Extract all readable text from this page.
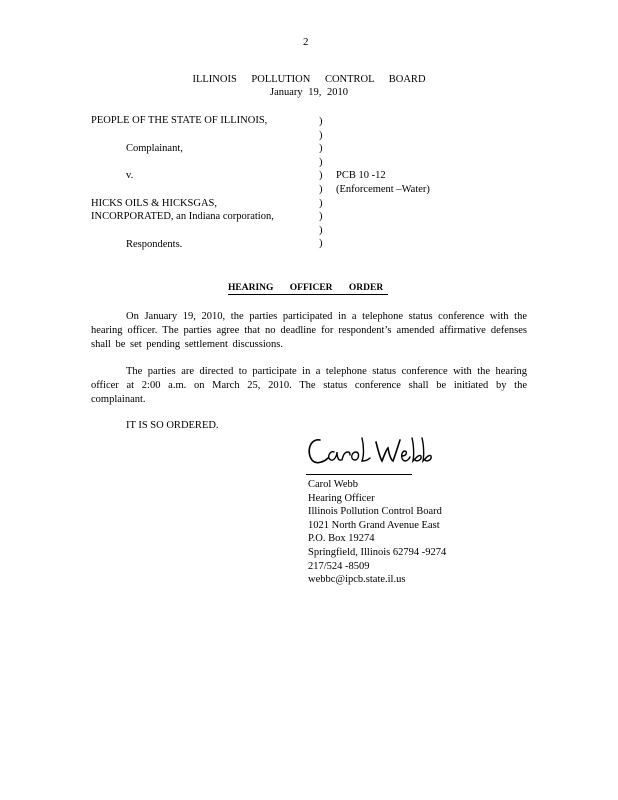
2
ILLINOIS POLLUTION CONTROL BOARD
January 19, 2010
PEOPLE OF THE STATE OF ILLINOIS,
Complainant,
v.
HICKS OILS & HICKSGAS,
INCORPORATED, an Indiana corporation,
Respondents.
)
)
)
)
)
)
)
)
)
)
PCB 10 -12
(Enforcement –Water)
HEARING OFFICER ORDER
On January 19, 2010, the parties participated in a telephone status conference with the hearing officer. The parties agree that no deadline for respondent’s amended affirmative defenses shall be set pending settlement discussions.
The parties are directed to participate in a telephone status conference with the hearing officer at 2:00 a.m. on March 25, 2010. The status conference shall be initiated by the complainant.
IT IS SO ORDERED.
Carol Webb
Hearing Officer
Illinois Pollution Control Board
1021 North Grand Avenue East
P.O. Box 19274
Springfield, Illinois 62794 -9274
217/524 -8509
webbc@ipcb.state.il.us
